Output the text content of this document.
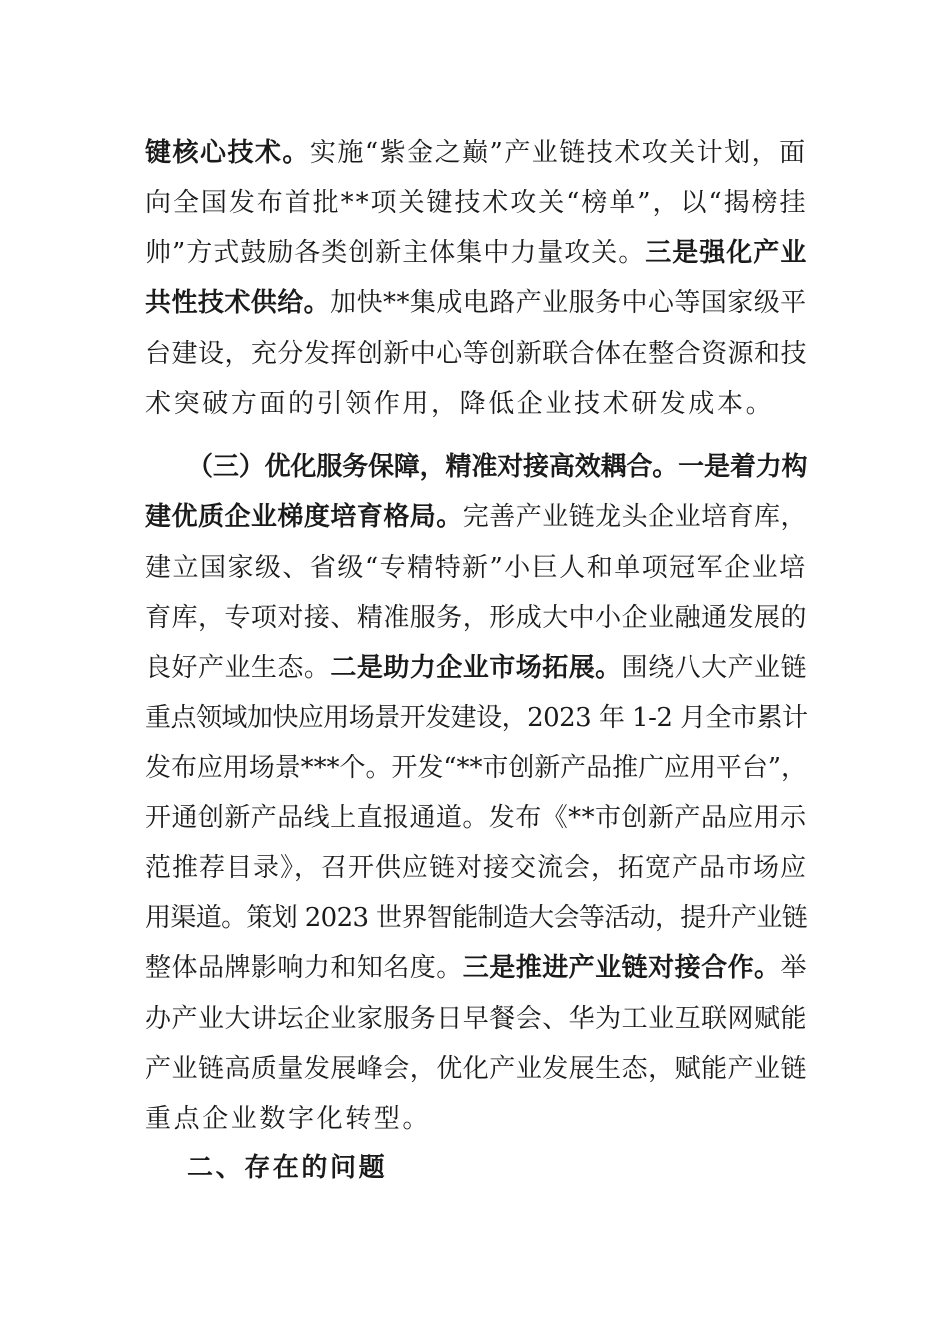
键核心技术。实施“紫金之巅”产业链技术攻关计划，面
向全国发布首批**项关键技术攻关“榜单”，以“揭榜挂
帅”方式鼓励各类创新主体集中力量攻关。三是强化产业
共性技术供给。加快**集成电路产业服务中心等国家级平
台建设，充分发挥创新中心等创新联合体在整合资源和技
术突破方面的引领作用，降低企业技术研发成本。
（三）优化服务保障，精准对接高效耦合。一是着力构
建优质企业梯度培育格局。完善产业链龙头企业培育库，
建立国家级、省级“专精特新”小巨人和单项冠军企业培
育库，专项对接、精准服务，形成大中小企业融通发展的
良好产业生态。二是助力企业市场拓展。围绕八大产业链
重点领域加快应用场景开发建设，2023 年 1-2 月全市累计
发布应用场景***个。开发“**市创新产品推广应用平台”，
开通创新产品线上直报通道。发布《**市创新产品应用示
范推荐目录》，召开供应链对接交流会，拓宽产品市场应
用渠道。策划 2023 世界智能制造大会等活动，提升产业链
整体品牌影响力和知名度。三是推进产业链对接合作。举
办产业大讲坛企业家服务日早餐会、华为工业互联网赋能
产业链高质量发展峰会，优化产业发展生态，赋能产业链
重点企业数字化转型。
二、存在的问题
